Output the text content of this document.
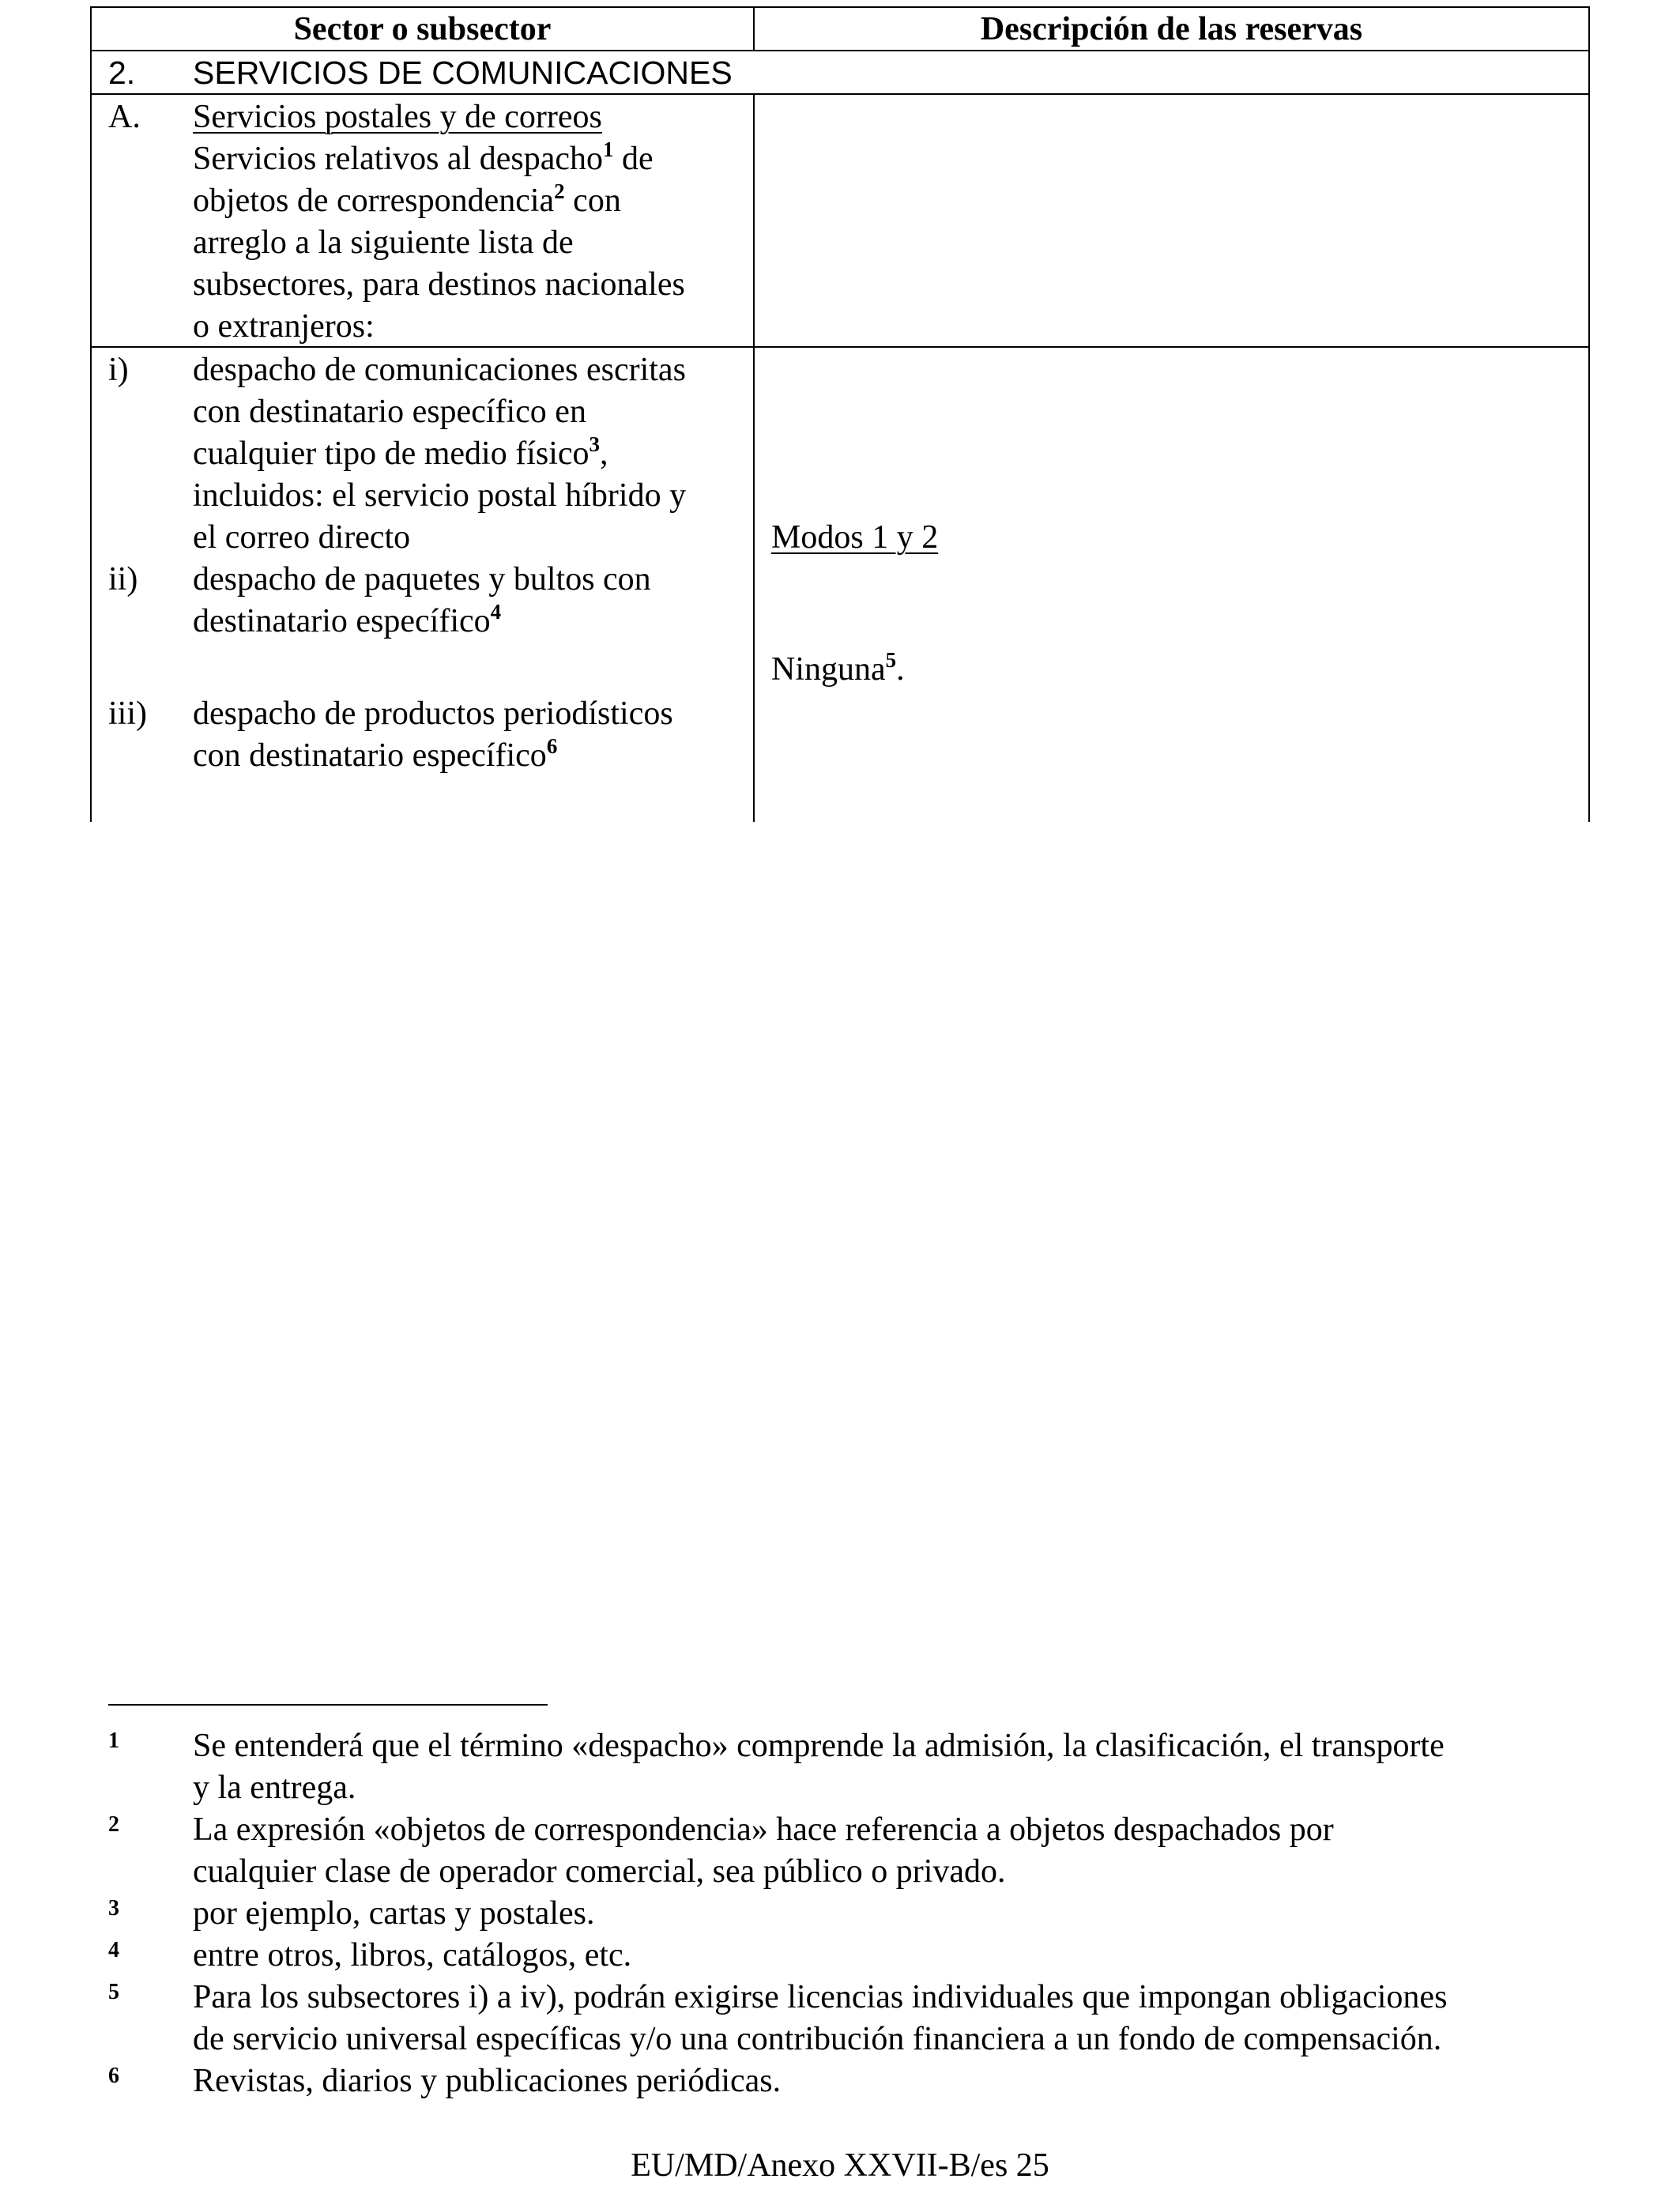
Sector o subsector	Descripción de las reservas
2. SERVICIOS DE COMUNICACIONES
A. Servicios postales y de correos
Servicios relativos al despacho$^1$ de
objetos de correspondencia$^2$ con
arreglo a la siguiente lista de
subsectores, para destinos nacionales
o extranjeros:
i) despacho de comunicaciones escritas
con destinatario específico en
cualquier tipo de medio físico$^3$,
incluidos: el servicio postal híbrido y
el correo directo
ii) despacho de paquetes y bultos con
destinatario específico$^4$
iii) despacho de productos periodísticos
con destinatario específico$^6$
Modos 1 y 2
Ninguna$^5$.
1 Se entenderá que el término «despacho» comprende la admisión, la clasificación, el transporte
y la entrega.
2 La expresión «objetos de correspondencia» hace referencia a objetos despachados por
cualquier clase de operador comercial, sea público o privado.
3 por ejemplo, cartas y postales.
4 entre otros, libros, catálogos, etc.
5 Para los subsectores i) a iv), podrán exigirse licencias individuales que impongan obligaciones
de servicio universal específicas y/o una contribución financiera a un fondo de compensación.
6 Revistas, diarios y publicaciones periódicas.
EU/MD/Anexo XXVII-B/es 25
